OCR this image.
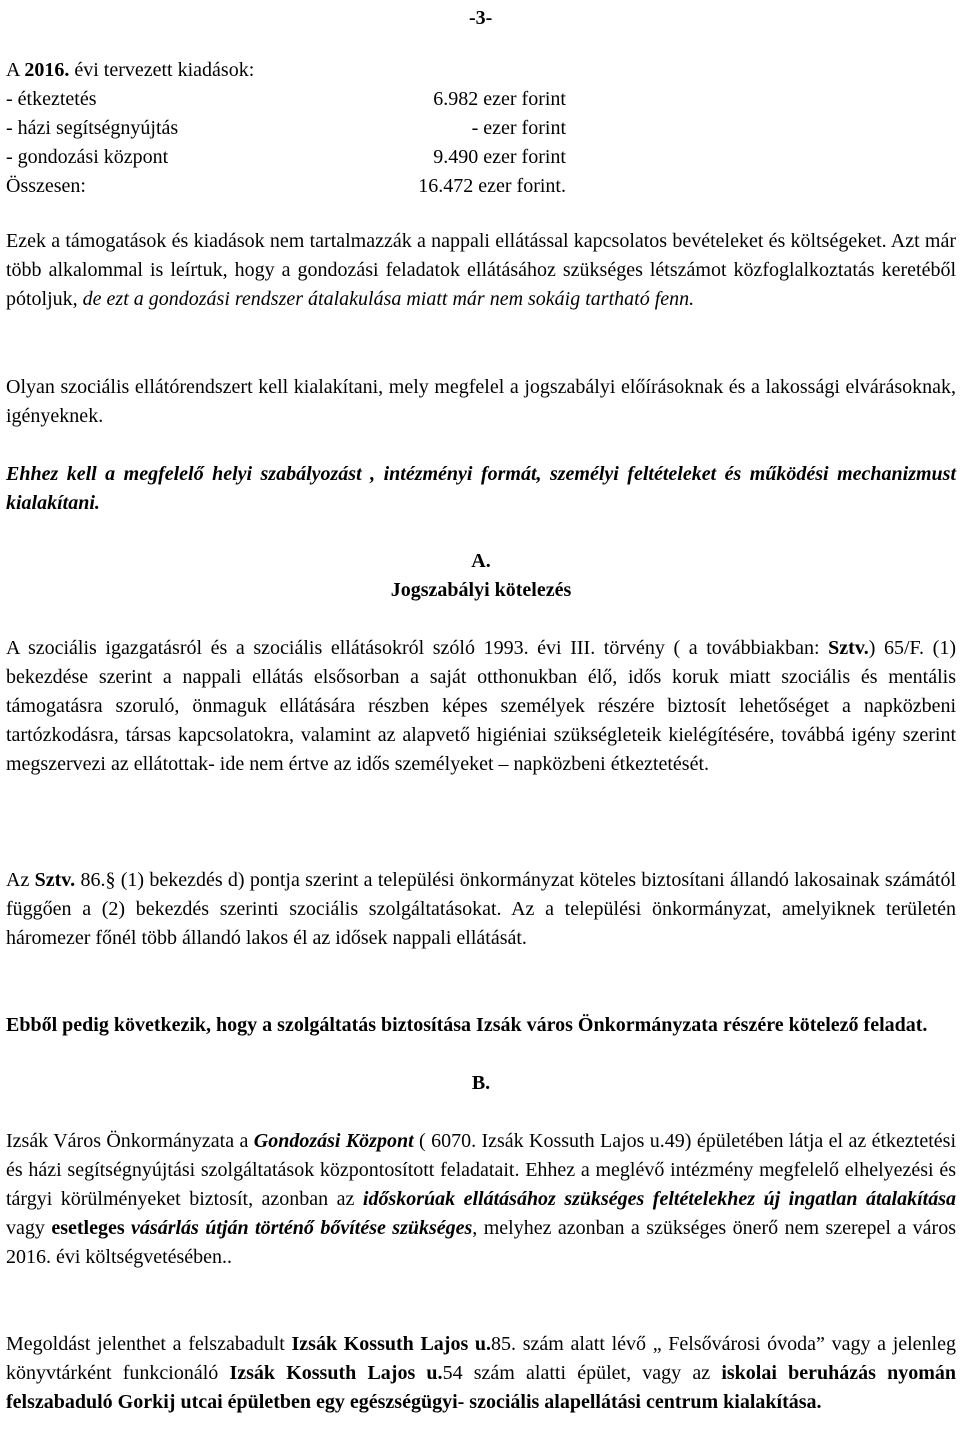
-3-
A 2016. évi tervezett kiadások:
- étkeztetés	6.982 ezer forint
- házi segítségnyújtás	- ezer forint
- gondozási központ	9.490 ezer forint
Összesen:	16.472 ezer forint.

Ezek a támogatások és kiadások nem tartalmazzák a nappali ellátással kapcsolatos bevételeket és költségeket. Azt már több alkalommal is leírtuk, hogy a gondozási feladatok ellátásához szükséges létszámot közfoglalkoztatás keretéből pótoljuk, de ezt a gondozási rendszer átalakulása miatt már nem sokáig tartható fenn.

Olyan szociális ellátórendszert kell kialakítani, mely megfelel a jogszabályi előírásoknak és a lakossági elvárásoknak, igényeknek.

Ehhez kell a megfelelő helyi szabályozást , intézményi formát, személyi feltételeket és működési mechanizmust kialakítani.

A.

Jogszabályi kötelezés

A szociális igazgatásról és a szociális ellátásokról szóló 1993. évi III. törvény ( a továbbiakban: Sztv.) 65/F. (1) bekezdése szerint a nappali ellátás elsősorban a saját otthonukban élő, idős koruk miatt szociális és mentális támogatásra szoruló, önmaguk ellátására részben képes személyek részére biztosít lehetőséget a napközbeni tartózkodásra, társas kapcsolatokra, valamint az alapvető higiéniai szükségleteik kielégítésére, továbbá igény szerint megszervezi az ellátottak- ide nem értve az idős személyeket – napközbeni étkeztetését.

Az Sztv. 86.§ (1) bekezdés d) pontja szerint a települési önkormányzat köteles biztosítani állandó lakosainak számától függően a (2) bekezdés szerinti szociális szolgáltatásokat. Az a települési önkormányzat, amelyiknek területén háromezer főnél több állandó lakos él az idősek nappali ellátását.

Ebből pedig következik, hogy a szolgáltatás biztosítása Izsák város Önkormányzata részére kötelező feladat.

B.

Izsák Város Önkormányzata a Gondozási Központ ( 6070. Izsák Kossuth Lajos u.49) épületében látja el az étkeztetési és házi segítségnyújtási szolgáltatások központosított feladatait. Ehhez a meglévő intézmény megfelelő elhelyezési és tárgyi körülményeket biztosít, azonban az időskorúak ellátásához szükséges feltételekhez új ingatlan átalakítása vagy esetleges vásárlás útján történő bővítése szükséges, melyhez azonban a szükséges önerő nem szerepel a város 2016. évi költségvetésében..

Megoldást jelenthet a felszabadult Izsák Kossuth Lajos u.85. szám alatt lévő „ Felsővárosi óvoda” vagy a jelenleg könyvtárként funkcionáló Izsák Kossuth Lajos u.54 szám alatti épület, vagy az iskolai beruházás nyomán felszabaduló Gorkij utcai épületben egy egészségügyi- szociális alapellátási centrum kialakítása.
